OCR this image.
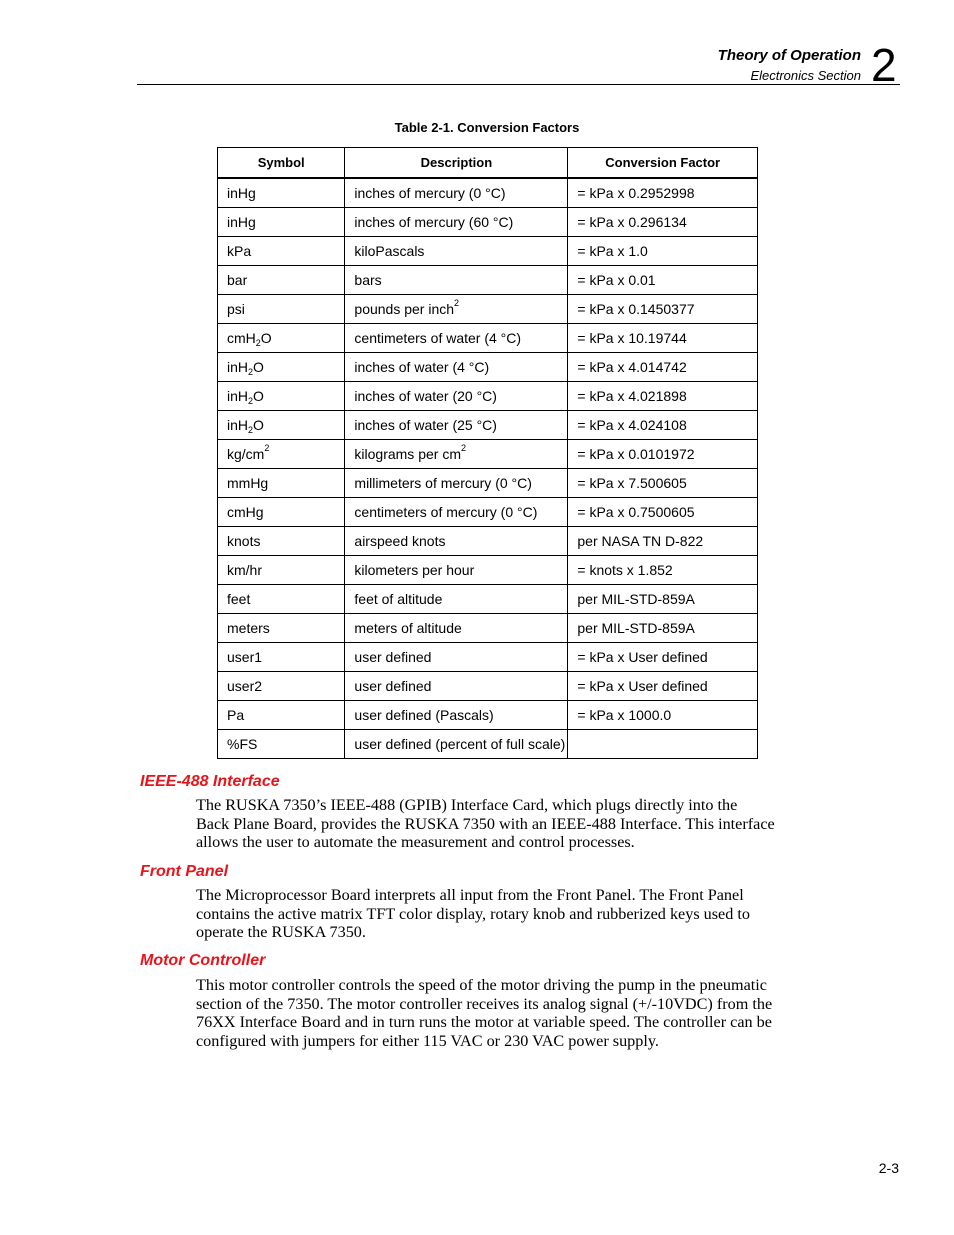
Theory of Operation
Electronics Section 2
Table 2-1. Conversion Factors
Symbol	Description	Conversion Factor
inHg	inches of mercury (0 °C)	= kPa x 0.2952998
inHg	inches of mercury (60 °C)	= kPa x 0.296134
kPa	kiloPascals	= kPa x 1.0
bar	bars	= kPa x 0.01
psi	pounds per inch$^2$	= kPa x 0.1450377
cmH$_2$O	centimeters of water (4 °C)	= kPa x 10.19744
inH$_2$O	inches of water (4 °C)	= kPa x 4.014742
inH$_2$O	inches of water (20 °C)	= kPa x 4.021898
inH$_2$O	inches of water (25 °C)	= kPa x 4.024108
$kg/cm^2$	kilograms per $cm^2$	= kPa x 0.0101972
mmHg	millimeters of mercury (0 °C)	= kPa x 7.500605
cmHg	centimeters of mercury (0 °C)	= kPa x 0.7500605
knots	airspeed knots	per NASA TN D-822
km/hr	kilometers per hour	= knots x 1.852
feet	feet of altitude	per MIL-STD-859A
meters	meters of altitude	per MIL-STD-859A
user1	user defined	= kPa x User defined
user2	user defined	= kPa x User defined
Pa	user defined (Pascals)	= kPa x 1000.0
%FS	user defined (percent of full scale)	
IEEE-488 Interface
The RUSKA 7350’s IEEE-488 (GPIB) Interface Card, which plugs directly into the
Back Plane Board, provides the RUSKA 7350 with an IEEE-488 Interface. This interface
allows the user to automate the measurement and control processes.
Front Panel
The Microprocessor Board interprets all input from the Front Panel. The Front Panel
contains the active matrix TFT color display, rotary knob and rubberized keys used to
operate the RUSKA 7350.
Motor Controller
This motor controller controls the speed of the motor driving the pump in the pneumatic
section of the 7350. The motor controller receives its analog signal (+/-10VDC) from the
76XX Interface Board and in turn runs the motor at variable speed. The controller can be
configured with jumpers for either 115 VAC or 230 VAC power supply.
2-3
